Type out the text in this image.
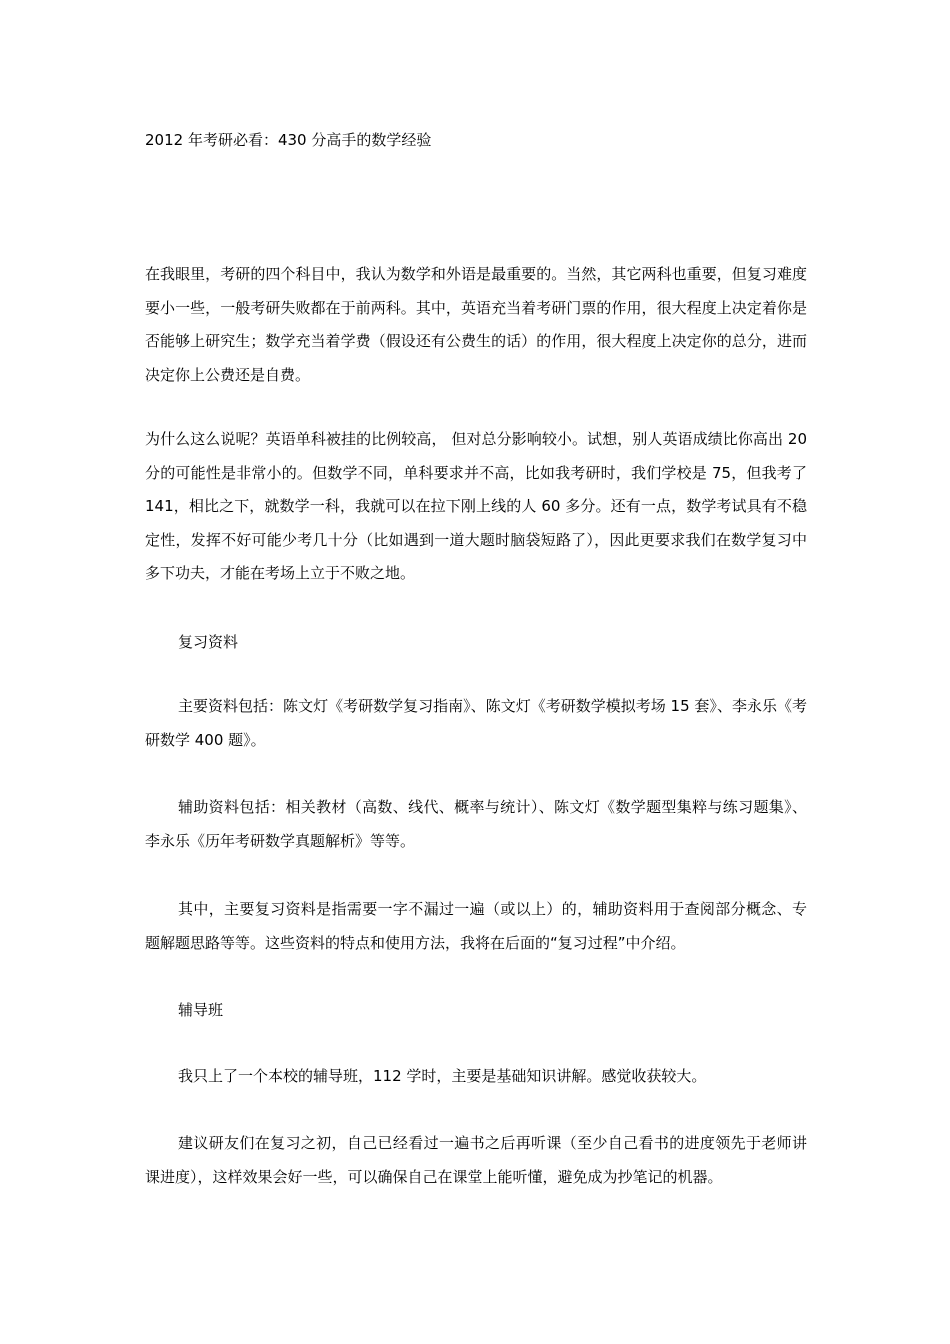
2012 年考研必看：430 分高手的数学经验

在我眼里，考研的四个科目中，我认为数学和外语是最重要的。当然，其它两科也重要，但复习难度要小一些，一般考研失败都在于前两科。其中，英语充当着考研门票的作用，很大程度上决定着你是否能够上研究生；数学充当着学费（假设还有公费生的话）的作用，很大程度上决定你的总分，进而决定你上公费还是自费。

为什么这么说呢？英语单科被挂的比例较高， 但对总分影响较小。试想，别人英语成绩比你高出 20 分的可能性是非常小的。但数学不同，单科要求并不高，比如我考研时，我们学校是 75，但我考了 141，相比之下，就数学一科，我就可以在拉下刚上线的人 60 多分。还有一点，数学考试具有不稳定性，发挥不好可能少考几十分（比如遇到一道大题时脑袋短路了），因此更要求我们在数学复习中多下功夫，才能在考场上立于不败之地。

复习资料

主要资料包括：陈文灯《考研数学复习指南》、陈文灯《考研数学模拟考场 15 套》、李永乐《考研数学 400 题》。

辅助资料包括：相关教材（高数、线代、概率与统计）、陈文灯《数学题型集粹与练习题集》、李永乐《历年考研数学真题解析》等等。

其中，主要复习资料是指需要一字不漏过一遍（或以上）的，辅助资料用于查阅部分概念、专题解题思路等等。这些资料的特点和使用方法，我将在后面的“复习过程”中介绍。

辅导班

我只上了一个本校的辅导班，112 学时，主要是基础知识讲解。感觉收获较大。

建议研友们在复习之初，自己已经看过一遍书之后再听课（至少自己看书的进度领先于老师讲课进度），这样效果会好一些，可以确保自己在课堂上能听懂，避免成为抄笔记的机器。
